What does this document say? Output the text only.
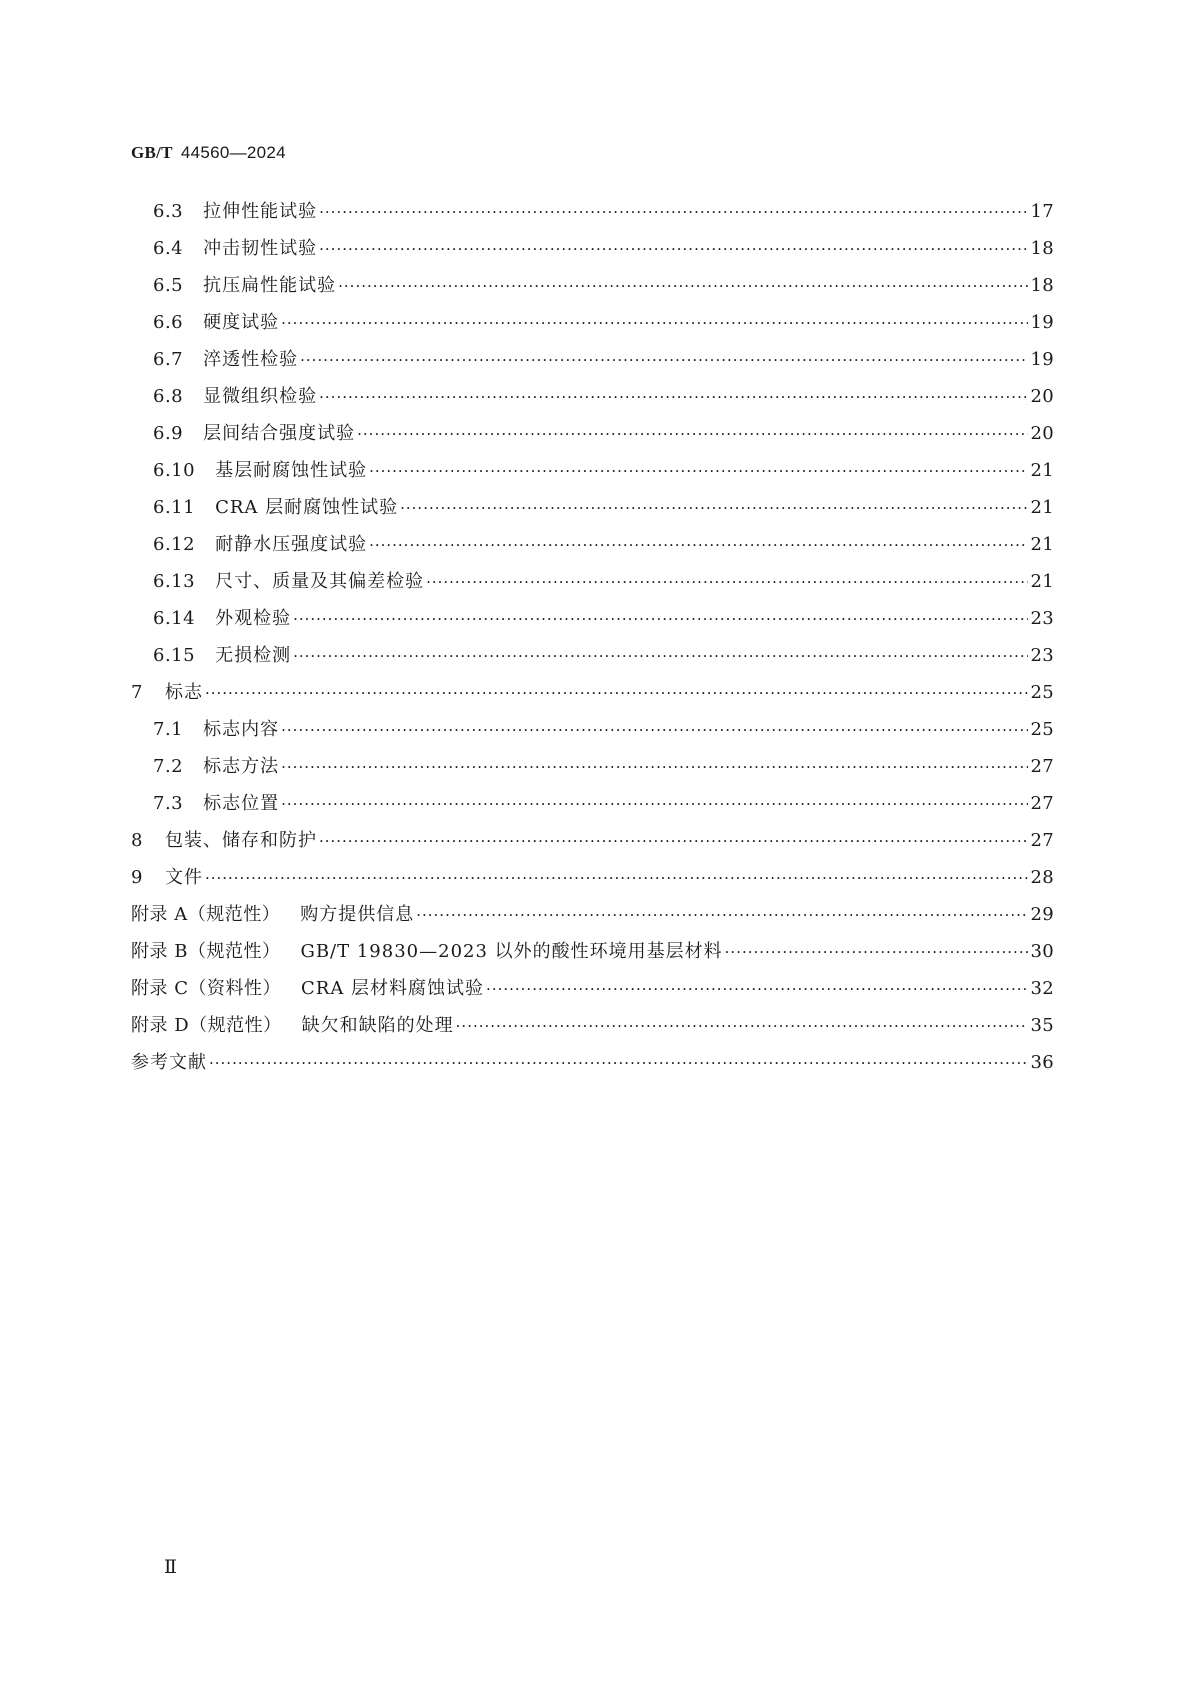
GB/T 44560—2024
6.3 拉伸性能试验 ·····	17
6.4 冲击韧性试验 ·····	18
6.5 抗压扁性能试验 ·····	18
6.6 硬度试验 ·····	19
6.7 淬透性检验 ·····	19
6.8 显微组织检验 ·····	20
6.9 层间结合强度试验 ·····	20
6.10 基层耐腐蚀性试验 ·····	21
6.11 CRA 层耐腐蚀性试验 ·····	21
6.12 耐静水压强度试验 ·····	21
6.13 尺寸、质量及其偏差检验 ·····	21
6.14 外观检验 ·····	23
6.15 无损检测 ·····	23
7 标志 ·····	25
7.1 标志内容 ·····	25
7.2 标志方法 ·····	27
7.3 标志位置 ·····	27
8 包装、储存和防护 ·····	27
9 文件 ·····	28
附录 A（规范性） 购方提供信息 ·····	29
附录 B（规范性） GB/T 19830—2023 以外的酸性环境用基层材料 ·····	30
附录 C（资料性） CRA 层材料腐蚀试验 ·····	32
附录 D（规范性） 缺欠和缺陷的处理 ·····	35
参考文献 ·····	36
Ⅱ
